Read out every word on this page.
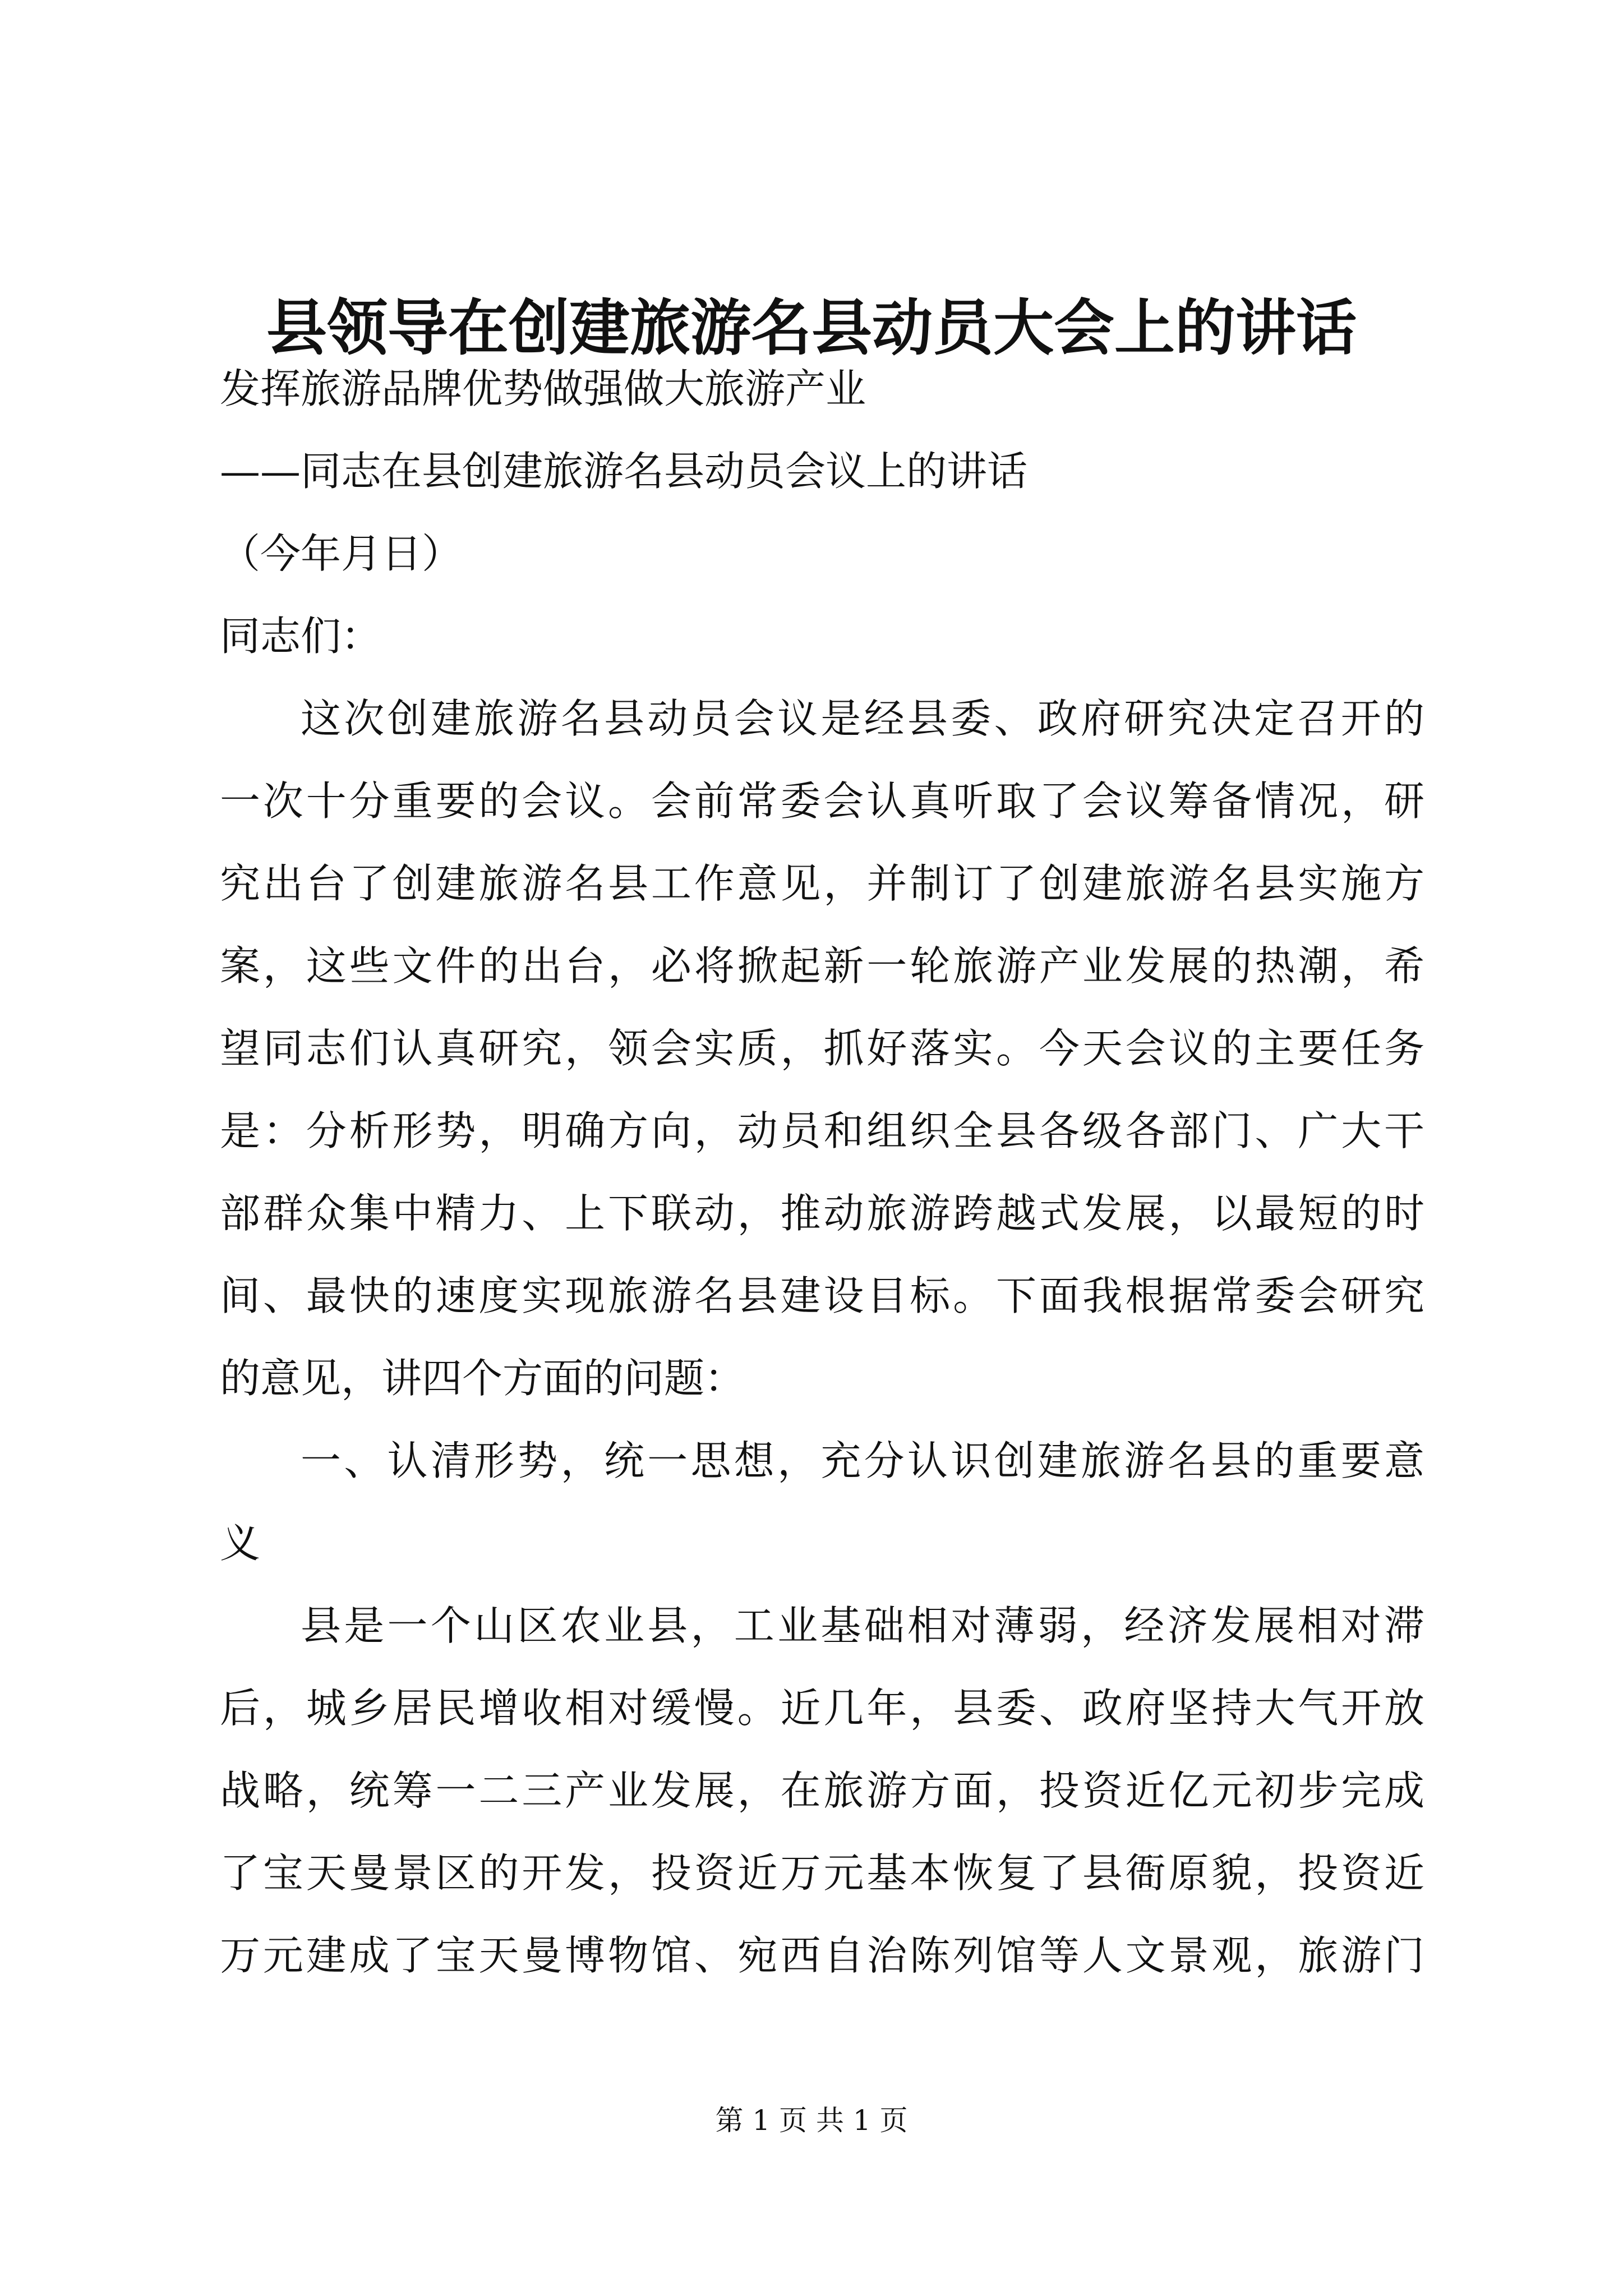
县领导在创建旅游名县动员大会上的讲话
发挥旅游品牌优势做强做大旅游产业
——同志在县创建旅游名县动员会议上的讲话
（今年月日）
同志们：
这次创建旅游名县动员会议是经县委、政府研究决定召开的
一次十分重要的会议。会前常委会认真听取了会议筹备情况，研
究出台了创建旅游名县工作意见，并制订了创建旅游名县实施方
案，这些文件的出台，必将掀起新一轮旅游产业发展的热潮，希
望同志们认真研究，领会实质，抓好落实。今天会议的主要任务
是：分析形势，明确方向，动员和组织全县各级各部门、广大干
部群众集中精力、上下联动，推动旅游跨越式发展，以最短的时
间、最快的速度实现旅游名县建设目标。下面我根据常委会研究
的意见，讲四个方面的问题：
一、认清形势，统一思想，充分认识创建旅游名县的重要意
义
县是一个山区农业县，工业基础相对薄弱，经济发展相对滞
后，城乡居民增收相对缓慢。近几年，县委、政府坚持大气开放
战略，统筹一二三产业发展，在旅游方面，投资近亿元初步完成
了宝天曼景区的开发，投资近万元基本恢复了县衙原貌，投资近
万元建成了宝天曼博物馆、宛西自治陈列馆等人文景观，旅游门
第 1 页 共 1 页
